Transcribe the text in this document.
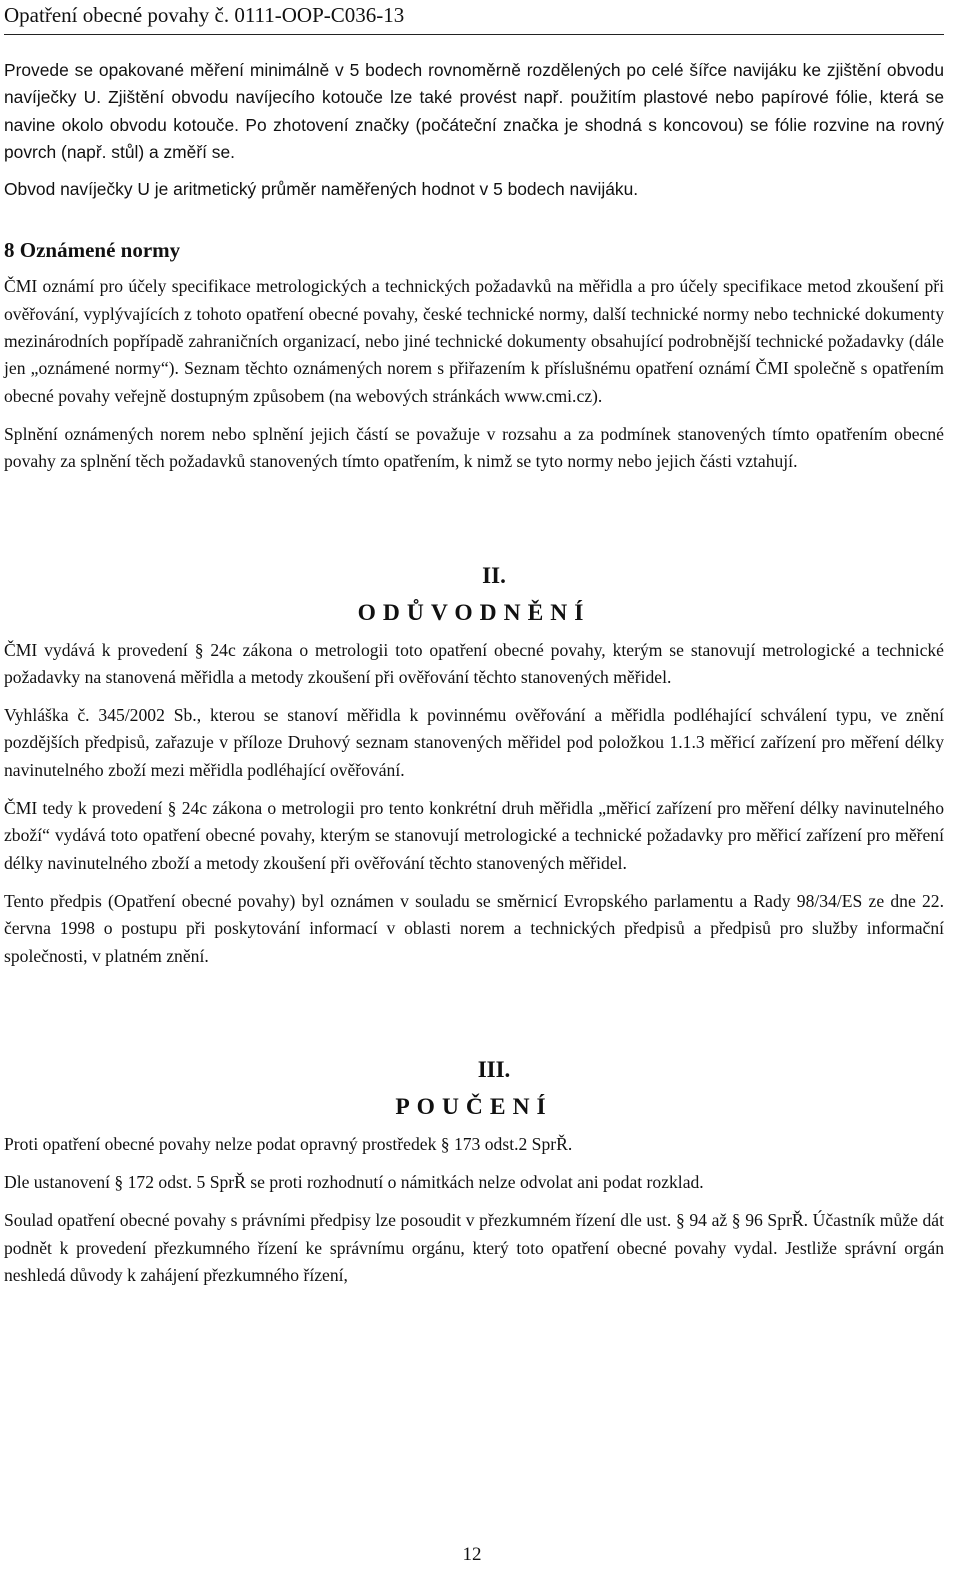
Opatření obecné povahy č. 0111-OOP-C036-13

Provede se opakované měření minimálně v 5 bodech rovnoměrně rozdělených po celé šířce navijáku ke zjištění obvodu navíječky U. Zjištění obvodu navíjecího kotouče lze také provést např. použitím plastové nebo papírové fólie, která se navine okolo obvodu kotouče. Po zhotovení značky (počáteční značka je shodná s koncovou) se fólie rozvine na rovný povrch (např. stůl) a změří se.

Obvod navíječky U je aritmetický průměr naměřených hodnot v 5 bodech navijáku.

8 Oznámené normy

ČMI oznámí pro účely specifikace metrologických a technických požadavků na měřidla a pro účely specifikace metod zkoušení při ověřování, vyplývajících z tohoto opatření obecné povahy, české technické normy, další technické normy nebo technické dokumenty mezinárodních popřípadě zahraničních organizací, nebo jiné technické dokumenty obsahující podrobnější technické požadavky (dále jen „oznámené normy“). Seznam těchto oznámených norem s přiřazením k příslušnému opatření oznámí ČMI společně s opatřením obecné povahy veřejně dostupným způsobem (na webových stránkách www.cmi.cz).

Splnění oznámených norem nebo splnění jejich částí se považuje v rozsahu a za podmínek stanovených tímto opatřením obecné povahy za splnění těch požadavků stanovených tímto opatřením, k nimž se tyto normy nebo jejich části vztahují.

II.
ODŮVODNĚNÍ

ČMI vydává k provedení § 24c zákona o metrologii toto opatření obecné povahy, kterým se stanovují metrologické a technické požadavky na stanovená měřidla a metody zkoušení při ověřování těchto stanovených měřidel.

Vyhláška č. 345/2002 Sb., kterou se stanoví měřidla k povinnému ověřování a měřidla podléhající schválení typu, ve znění pozdějších předpisů, zařazuje v příloze Druhový seznam stanovených měřidel pod položkou 1.1.3 měřicí zařízení pro měření délky navinutelného zboží mezi měřidla podléhající ověřování.

ČMI tedy k provedení § 24c zákona o metrologii pro tento konkrétní druh měřidla „měřicí zařízení pro měření délky navinutelného zboží“ vydává toto opatření obecné povahy, kterým se stanovují metrologické a technické požadavky pro měřicí zařízení pro měření délky navinutelného zboží a metody zkoušení při ověřování těchto stanovených měřidel.

Tento předpis (Opatření obecné povahy) byl oznámen v souladu se směrnicí Evropského parlamentu a Rady 98/34/ES ze dne 22. června 1998 o postupu při poskytování informací v oblasti norem a technických předpisů a předpisů pro služby informační společnosti, v platném znění.

III.
POUČENÍ

Proti opatření obecné povahy nelze podat opravný prostředek § 173 odst.2 SprŘ.

Dle ustanovení § 172 odst. 5 SprŘ se proti rozhodnutí o námitkách nelze odvolat ani podat rozklad.

Soulad opatření obecné povahy s právními předpisy lze posoudit v přezkumném řízení dle ust. § 94 až § 96 SprŘ. Účastník může dát podnět k provedení přezkumného řízení ke správnímu orgánu, který toto opatření obecné povahy vydal. Jestliže správní orgán neshledá důvody k zahájení přezkumného řízení,

12
